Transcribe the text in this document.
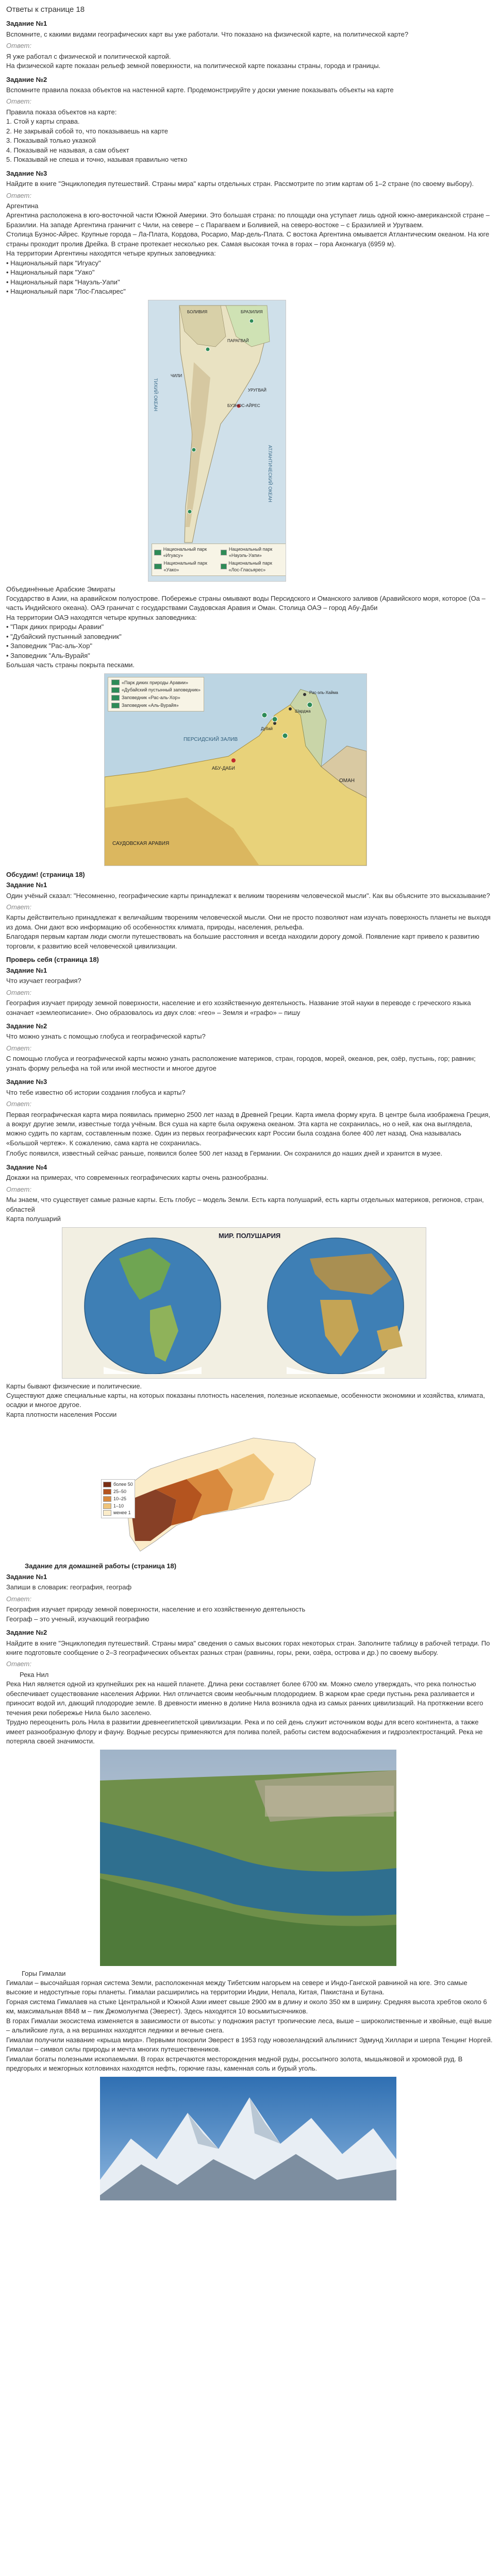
Ответы к странице 18

Задание №1

Вспомните, с какими видами географических карт вы уже работали. Что показано на физической карте, на политической карте?

Ответ:

Я уже работал с физической и политической картой.

На физической карте показан рельеф земной поверхности, на политической карте показаны страны, города и границы.

Задание №2

Вспомните правила показа объектов на настенной карте. Продемонстрируйте у доски умение показывать объекты на карте

Ответ:

Правила показа объектов на карте:

1. Стой у карты справа.

2. Не закрывай собой то, что показываешь на карте

3. Показывай только указкой

4. Показывай не называя, а сам объект

5. Показывай не спеша и точно, называя правильно четко

Задание №3

Найдите в книге "Энциклопедия путешествий. Страны мира" карты отдельных стран. Рассмотрите по этим картам об 1–2 стране (по своему выбору).

Ответ:

Аргентина

Аргентина расположена в юго-восточной части Южной Америки. Это большая страна: по площади она уступает лишь одной южно-американской стране – Бразилии. На западе Аргентина граничит с Чили, на севере – с Парагваем и Боливией, на северо-востоке – с Бразилией и Уругваем.

Столица Буэнос-Айрес. Крупные города – Ла-Плата, Кордова, Росарио, Мар-дель-Плата. С востока Аргентина омывается Атлантическим океаном. На юге страны проходит пролив Дрейка. В стране протекает несколько рек. Самая высокая точка в горах – гора Аконкагуа (6959 м).

На территории Аргентины находятся четыре крупных заповедника:

• Национальный парк "Игуасу"

• Национальный парк "Уако"

• Национальный парк "Науэль-Уапи"

• Национальный парк "Лос-Гласьярес"

ТИХИЙ ОКЕАН
АТЛАНТИЧЕСКИЙ ОКЕАН
БУЭНОС-АЙРЕС
БОЛИВИЯ	БРАЗИЛИЯ
ПАРАГВАЙ
ЧИЛИ
УРУГВАЙ
Национальный парк «Игуасу»
Национальный парк «Науэль-Уапи»
Национальный парк «Уако»
Национальный парк «Лос-Гласьярес»

Объединённые Арабские Эмираты

Государство в Азии, на аравийском полуострове. Побережье страны омывают воды Персидского и Оманского заливов (Аравийского моря, которое (Оа – часть Индийского океана). ОАЭ граничат с государствами Саудовская Аравия и Оман. Столица ОАЭ – город Абу-Даби

На территории ОАЭ находятся четыре крупных заповедника:

• "Парк диких природы Аравии"

• "Дубайский пустынный заповедник"

• Заповедник "Рас-аль-Хор"

• Заповедник "Аль-Вурайя"

Большая часть страны покрыта песками.

«Парк диких природы Аравии»
«Дубайский пустынный заповедник»
Заповедник «Рас-аль-Хор»
Заповедник «Аль-Вурайя»
ПЕРСИДСКИЙ ЗАЛИВ
АБУ-ДАБИ
ОМАН
САУДОВСКАЯ АРАВИЯ
Дубай
Рас-эль-Хайма
Шарджа

Обсудим! (страница 18)

Задание №1

Один учёный сказал: "Несомненно, географические карты принадлежат к великим творениям человеческой мысли". Как вы объясните это высказывание?

Ответ:

Карты действительно принадлежат к величайшим творениям человеческой мысли. Они не просто позволяют нам изучать поверхность планеты не выходя из дома. Они дают всю информацию об особенностях климата, природы, населения, рельефа.

Благодаря первым картам люди смогли путешествовать на большие расстояния и всегда находили дорогу домой. Появление карт привело к развитию торговли, к развитию всей человеческой цивилизации.

Проверь себя (страница 18)

Задание №1

Что изучает география?

Ответ:

География изучает природу земной поверхности, население и его хозяйственную деятельность. Название этой науки в переводе с греческого языка означает «землеописание». Оно образовалось из двух слов: «гео» – Земля и «графо» – пишу

Задание №2

Что можно узнать с помощью глобуса и географической карты?

Ответ:

С помощью глобуса и географической карты можно узнать расположение материков, стран, городов, морей, океанов, рек, озёр, пустынь, гор; равнин; узнать форму рельефа на той или иной местности и многое другое

Задание №3

Что тебе известно об истории создания глобуса и карты?

Ответ:

Первая географическая карта мира появилась примерно 2500 лет назад в Древней Греции. Карта имела форму круга. В центре была изображена Греция, а вокруг другие земли, известные тогда учёным. Вся суша на карте была окружена океаном. Эта карта не сохранилась, но о ней, как она выглядела, можно судить по картам, составленным позже. Один из первых географических карт России была создана более 400 лет назад. Она называлась «Большой чертеж». К сожалению, сама карта не сохранилась.

Глобус появился, известный сейчас раньше, появился более 500 лет назад в Германии. Он сохранился до наших дней и хранится в музее.

Задание №4

Докажи на примерах, что современных географических карты очень разнообразны.

Ответ:

Мы знаем, что существует самые разные карты. Есть глобус – модель Земли. Есть карта полушарий, есть карты отдельных материков, регионов, стран, областей

Карта полушарий

МИР. ПОЛУШАРИЯ

Карты бывают физические и политические.

Существуют даже специальные карты, на которых показаны плотность населения, полезные ископаемые, особенности экономики и хозяйства, климата, осадки и многое другое.

Карта плотности населения России

более 50
25–50
10–25
1–10
менее 1

Задание для домашней работы (страница 18)

Задание №1

Запиши в словарик: география, географ

Ответ:

География изучает природу земной поверхности, население и его хозяйственную деятельность

Географ – это ученый, изучающий географию

Задание №2

Найдите в книге "Энциклопедия путешествий. Страны мира" сведения о самых высоких горах некоторых стран. Заполните таблицу в рабочей тетради. По книге подготовьте сообщение о 2–3 географических объектах разных стран (равнины, горы, реки, озёра, острова и др.) по своему выбору.

Ответ:

Река Нил

Река Нил является одной из крупнейших рек на нашей планете. Длина реки составляет более 6700 км. Можно смело утверждать, что река полностью обеспечивает существование населения Африки. Нил отличается своим необычным плодородием. В жарком крае среди пустынь река разливается и приносит водой ил, дающий плодородие земле. В древности именно в долине Нила возникла одна из самых ранних цивилизаций. На протяжении всего течения реки побережье Нила было заселено.

Трудно переоценить роль Нила в развитии древнеегипетской цивилизации. Река и по сей день служит источником воды для всего континента, а также имеет разнообразную флору и фауну. Водные ресурсы применяются для полива полей, работы систем водоснабжения и гидроэлектростанций. Река не потеряла своей значимости.

Горы Гималаи

Гималаи – высочайшая горная система Земли, расположенная между Тибетским нагорьем на севере и Индо-Гангской равниной на юге. Это самые высокие и недоступные горы планеты. Гималаи расширились на территории Индии, Непала, Китая, Пакистана и Бутана.

Горная система Гималаев на стыке Центральной и Южной Азии имеет свыше 2900 км в длину и около 350 км в ширину. Средняя высота хребтов около 6 км, максимальная 8848 м – пик Джомолунгма (Эверест). Здесь находятся 10 восьмитысячников.

В горах Гималаи экосистема изменяется в зависимости от высоты: у подножия растут тропические леса, выше – широколиственные и хвойные, ещё выше – альпийские луга, а на вершинах находятся ледники и вечные снега.

Гималаи получили название «крыша мира». Первыми покорили Эверест в 1953 году новозеландский альпинист Эдмунд Хиллари и шерпа Тенцинг Норгей. Гималаи – символ силы природы и мечта многих путешественников.

Гималаи богаты полезными ископаемыми. В горах встречаются месторождения медной руды, россыпного золота, мышьяковой и хромовой руд. В предгорьях и межгорных котловинах находятся нефть, горючие газы, каменная соль и бурый уголь.
